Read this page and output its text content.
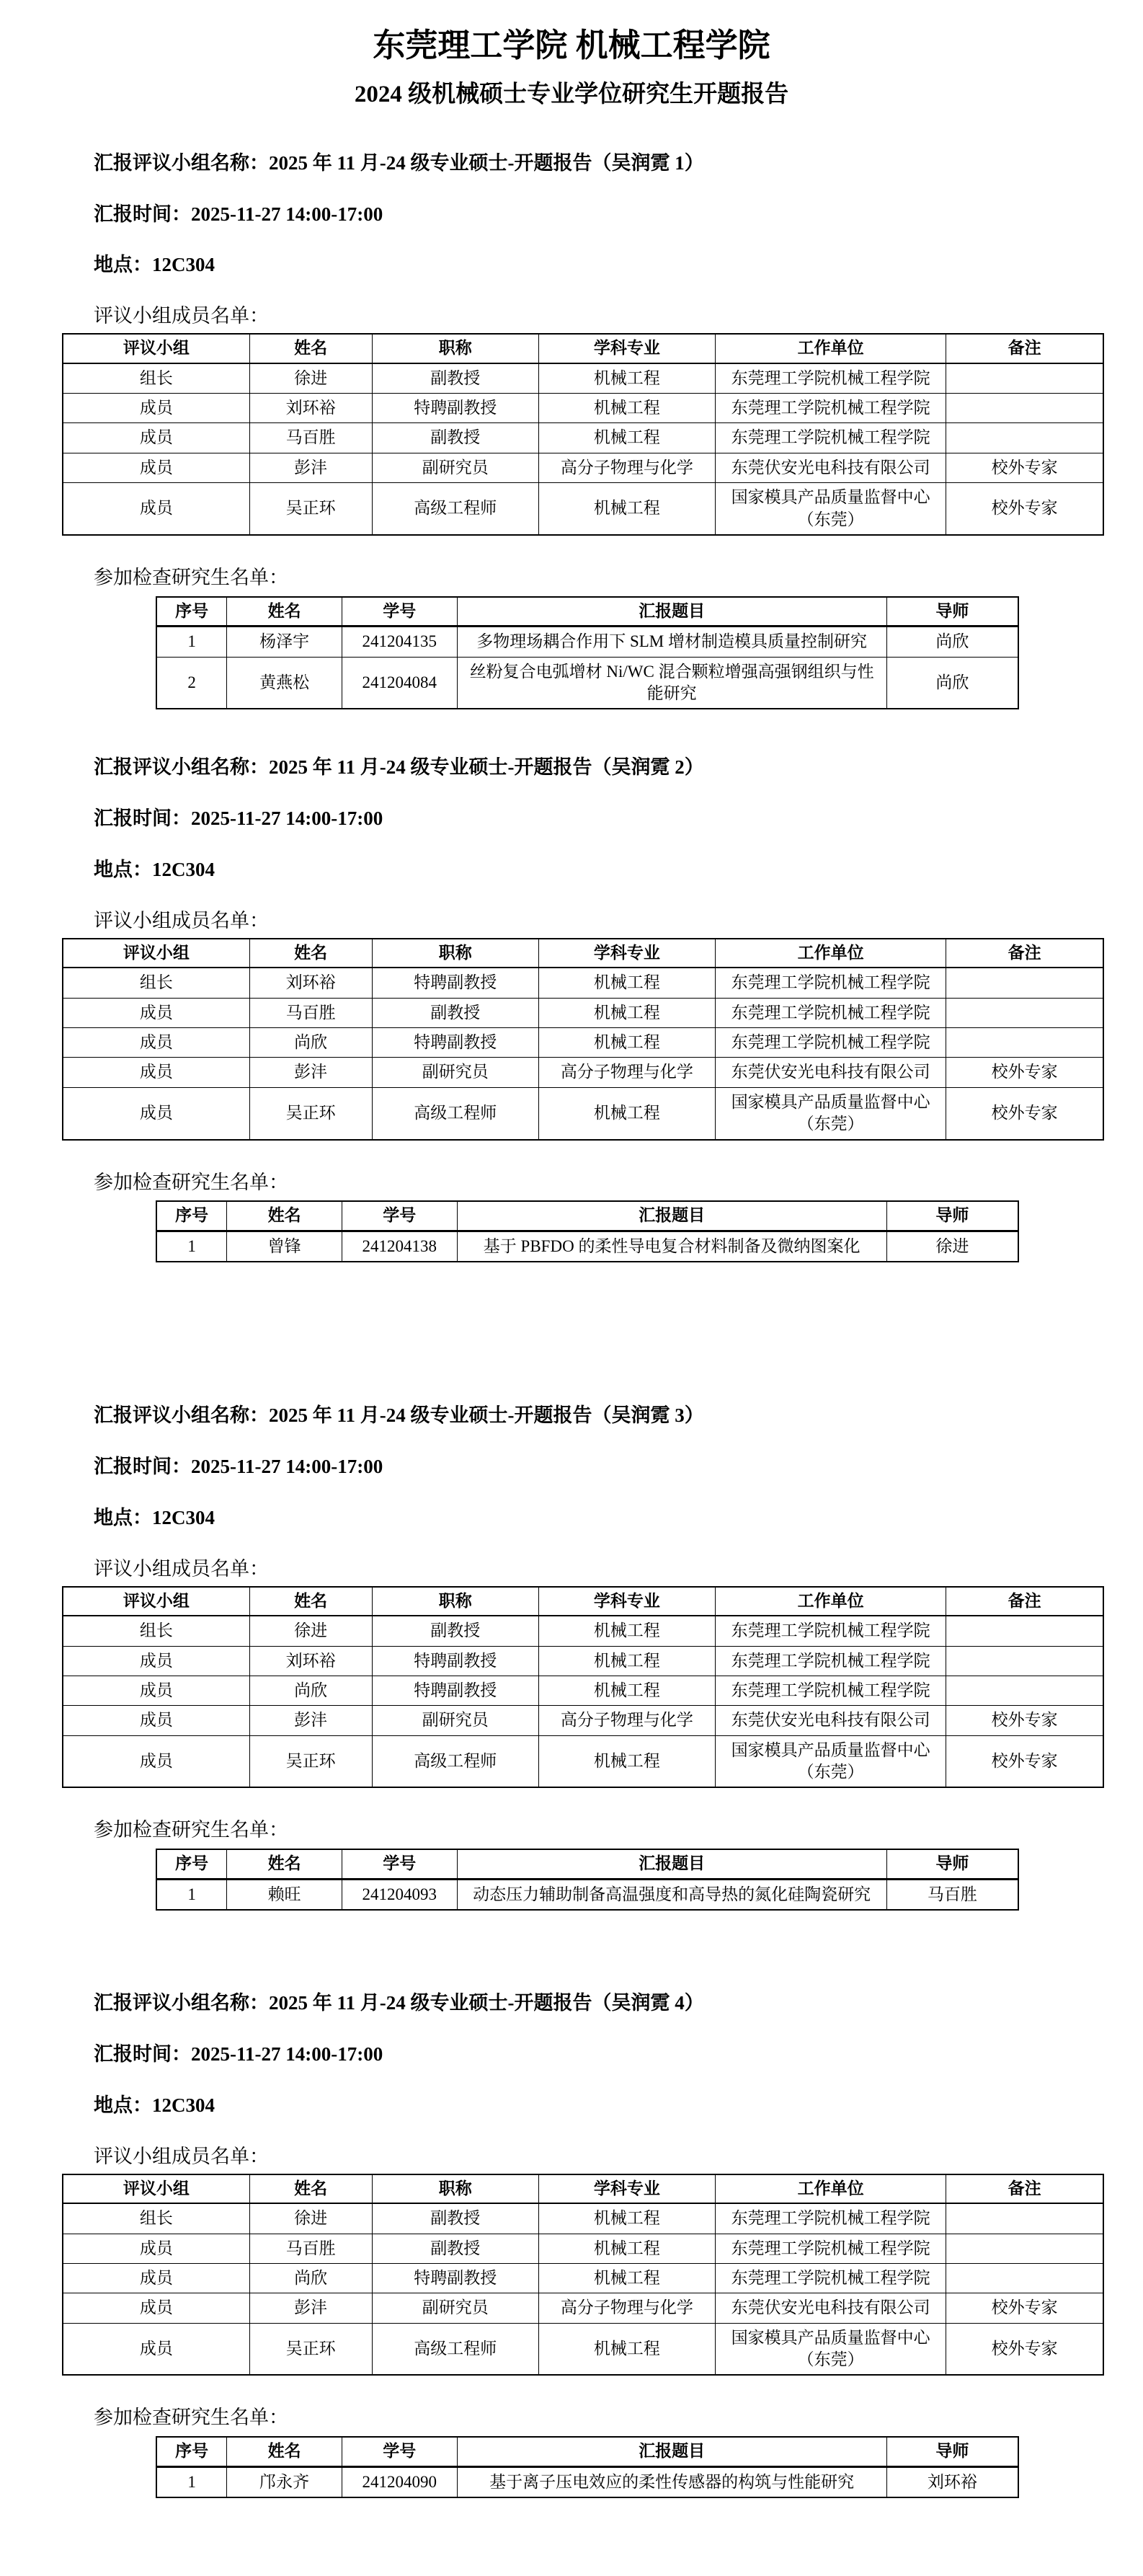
东莞理工学院 机械工程学院
2024 级机械硕士专业学位研究生开题报告

汇报评议小组名称：2025 年 11 月-24 级专业硕士-开题报告（吴润霓 1）

汇报时间：2025-11-27 14:00-17:00

地点：12C304

评议小组成员名单：

评议小组	姓名	职称	学科专业	工作单位	备注
组长	徐进	副教授	机械工程	东莞理工学院机械工程学院	
成员	刘环裕	特聘副教授	机械工程	东莞理工学院机械工程学院	
成员	马百胜	副教授	机械工程	东莞理工学院机械工程学院	
成员	彭沣	副研究员	高分子物理与化学	东莞伏安光电科技有限公司	校外专家
成员	吴正环	高级工程师	机械工程	国家模具产品质量监督中心（东莞）	校外专家

参加检查研究生名单：

序号	姓名	学号	汇报题目	导师
1	杨泽宇	241204135	多物理场耦合作用下 SLM 增材制造模具质量控制研究	尚欣
2	黄燕松	241204084	丝粉复合电弧增材 Ni/WC 混合颗粒增强高强钢组织与性能研究	尚欣

汇报评议小组名称：2025 年 11 月-24 级专业硕士-开题报告（吴润霓 2）

汇报时间：2025-11-27 14:00-17:00

地点：12C304

评议小组成员名单：

评议小组	姓名	职称	学科专业	工作单位	备注
组长	刘环裕	特聘副教授	机械工程	东莞理工学院机械工程学院	
成员	马百胜	副教授	机械工程	东莞理工学院机械工程学院	
成员	尚欣	特聘副教授	机械工程	东莞理工学院机械工程学院	
成员	彭沣	副研究员	高分子物理与化学	东莞伏安光电科技有限公司	校外专家
成员	吴正环	高级工程师	机械工程	国家模具产品质量监督中心（东莞）	校外专家

参加检查研究生名单：

序号	姓名	学号	汇报题目	导师
1	曾锋	241204138	基于 PBFDO 的柔性导电复合材料制备及微纳图案化	徐进

汇报评议小组名称：2025 年 11 月-24 级专业硕士-开题报告（吴润霓 3）

汇报时间：2025-11-27 14:00-17:00

地点：12C304

评议小组成员名单：

评议小组	姓名	职称	学科专业	工作单位	备注
组长	徐进	副教授	机械工程	东莞理工学院机械工程学院	
成员	刘环裕	特聘副教授	机械工程	东莞理工学院机械工程学院	
成员	尚欣	特聘副教授	机械工程	东莞理工学院机械工程学院	
成员	彭沣	副研究员	高分子物理与化学	东莞伏安光电科技有限公司	校外专家
成员	吴正环	高级工程师	机械工程	国家模具产品质量监督中心（东莞）	校外专家

参加检查研究生名单：

序号	姓名	学号	汇报题目	导师
1	赖旺	241204093	动态压力辅助制备高温强度和高导热的氮化硅陶瓷研究	马百胜

汇报评议小组名称：2025 年 11 月-24 级专业硕士-开题报告（吴润霓 4）

汇报时间：2025-11-27 14:00-17:00

地点：12C304

评议小组成员名单：

评议小组	姓名	职称	学科专业	工作单位	备注
组长	徐进	副教授	机械工程	东莞理工学院机械工程学院	
成员	马百胜	副教授	机械工程	东莞理工学院机械工程学院	
成员	尚欣	特聘副教授	机械工程	东莞理工学院机械工程学院	
成员	彭沣	副研究员	高分子物理与化学	东莞伏安光电科技有限公司	校外专家
成员	吴正环	高级工程师	机械工程	国家模具产品质量监督中心（东莞）	校外专家

参加检查研究生名单：

序号	姓名	学号	汇报题目	导师
1	邝永齐	241204090	基于离子压电效应的柔性传感器的构筑与性能研究	刘环裕
